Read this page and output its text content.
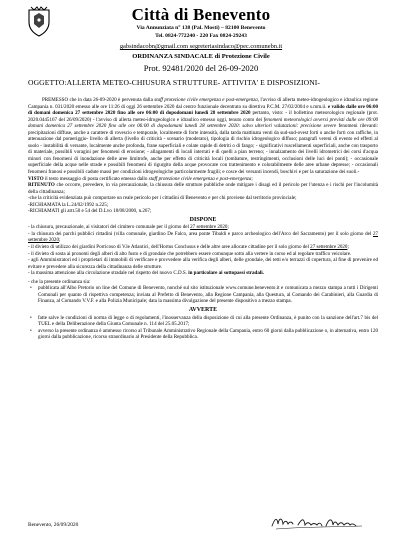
Città di Benevento
Via Annunziata n° 138 (Pal. Mosti) – 82100 Benevento
Tel. 0824-772240 - 220 Fax 0824-29243
gabsindacobn@gmail.com segreteriasindaco@pec.comunebn.it
ORDINANZA SINDACALE di Protezione Civile
Prot. 92481/2020 del 26-09-2020
OGGETTO:ALLERTA METEO-CHIUSURA STRUTTURE- ATTIVITA' E DISPOSIZIONI-

PREMESSO che in data 26-09-2020 è pervenuta dalla staff protezione civile emergenza e post-emergenza, l'avviso di allerta meteo-idrogeologico e idraulica regione Campania n. 031/2020 emesso alle ore 11:26 di oggi 26 settembre 2020 dal centro funzionale decentrato su direttiva P.C.M. 27/02/2004 e s.mm.ii. e valido dalle ore 06:00 di domani domenica 27 settembre 2020 fino alle ore 06:00 di dopodomani lunedì 28 settembre 2020 pertanto, visto: - il bollettino meteorologico regionale (prot. 2020.0445167 del 26/09/2020) - l'avviso di allerta meteo-idrogeologico e idraulico emesso oggi, tenuto conto dei fenomeni meteorologici avversi previsti dalle ore 09:00 domani domenica 27 settembre 2020 fino alle ore 06:00 di dopodomani lunedì 28 settembre 2020: salvo ulteriori valutazioni: precisione severe fenomeni rilevanti: precipitazioni diffuse, anche a carattere di rovescio e temporale, localmente di forte intensità, dalla tarda mattinata venti da sud-sud-ovest forti o anche forti con raffiche, in attenuazione dal pomeriggio- livello di allerta (livello di criticità - scenario (moderato), tipologia di rischio idrogeologico diffuso; paragrafi vereni di evento ed effetti al suolo - instabilità di versante, localmente anche profonda, frane superficiali e colate rapide di detriti o di fango; - significativi ruscellamenti superficiali, anche con trasporto di materiale, possibili voragini per fenomeni di erosione; - allagamenti di locali interrati e di quelli a pian terreno; - innalzamento dei livelli idrometrici dei corsi d'acqua minori con fenomeni di inondazione delle aree limitrofe, anche per effetto di criticità locali (tombature, restringimenti, occlusioni delle luci dei ponti); - occasionale superficiale della acque nelle strade e possibili fenomeni di rigurgito della acque provocate con trattenimento e colorabilmente delle aree urbane depresse; - occasionali fenomeni franosi e possibili cadute massi per condizioni idrogeologiche particolarmente fragili; e cosce dei versanti incendi, boschivi e per la saturazione dei suoli.-

VISTO il testo messaggio di posta certificato emesso dallo staff protezione civile emergenza e post-emergenza;

RITENUTO che occorre, prevedere, in via precauzionale, la chiusura delle strutture pubbliche onde mitigare i disagi ed il pericolo per l'utenza e i rischi per l'incolumità della cittadinanza;

-che la criticità evidenziata può comportare un reale pericolo per i cittadini di Benevento e per chi proviene dal territorio provinciale;

-RICHIAMATA la L.24/02/1992 n.225;

-RICHIAMATI gli artt.50 e 54 del D.Lvo 18/08/2000, n.267;

DISPONE

- la chiusura, precauzionale, ai visitatori del cimitero comunale per il giorno del 27 settembre 2020;

- la chiusura dei parchi pubblici cittadini (villa comunale, giardino De Falco, area ponte Tibaldi e parco archeologico dell'Arco del Sacramento) per il solo giorno del 27 settembre 2020;

- il divieto di utilizzo dei giardini Porricoso di V.le Atlantici, dell'Hortus Conclusus e delle altre aree allocate cittadine per il solo giorno del 27 settembre 2020;

- il divieto di sosta ai pronomi degli alberi di alto fusto e di grondaie che potrebbero essere comunque sotto alla vertere in corso ed al regolare traffico veicolare.

- agli Amministratori ed i proprietari di immobili di verificare e provvedere alla verifica degli alberi, delle grondaie, dei tetti e/o terrazzi di copertura, al fine di prevenire ed evitare e prevedere alla sicurezza della cittadinanza delle strutture.

- la massima attenzione alla circolazione stradale nel rispetto del nuovo C.D.S. in particolare ai sottopassi stradali.

- che la presente ordinanza sia:

• pubblicata all'Albo Pretorio on line del Comune di Benevento, nonché sul sito istituzionale www.comune.benevento.it e comunicata a mezzo stampa a tutti i Dirigenti Comunali per quanto di rispettiva competenza; inviata al Prefetto di Benevento, alla Regione Campania, alla Questura, al Comando dei Carabinieri, alla Guardia di Finanza, al Comando V.V.F. e alla Polizia Municipale; data la massima divulgazione del presente dispositivo a mezzo stampa.
AVVERTE
• fatte salve le condizioni di norma di legge o di regolamenti, l'inosservanza della disposizione di cui alla presente Ordinanza, è punito con la sanzione dell'art.7 bis del TUEL e della Deliberazione della Giunta Comunale n. 114 del 25.05.2017;
• avverso la presente ordinanza è ammesso ricorso al Tribunale Amministrativo Regionale della Campania, entro 60 giorni dalla pubblicazione o, in alternativa, entro 120 giorni dalla pubblicazione, ricorso straordinario al Presidente della Repubblica.
Benevento, 26/09/2020
